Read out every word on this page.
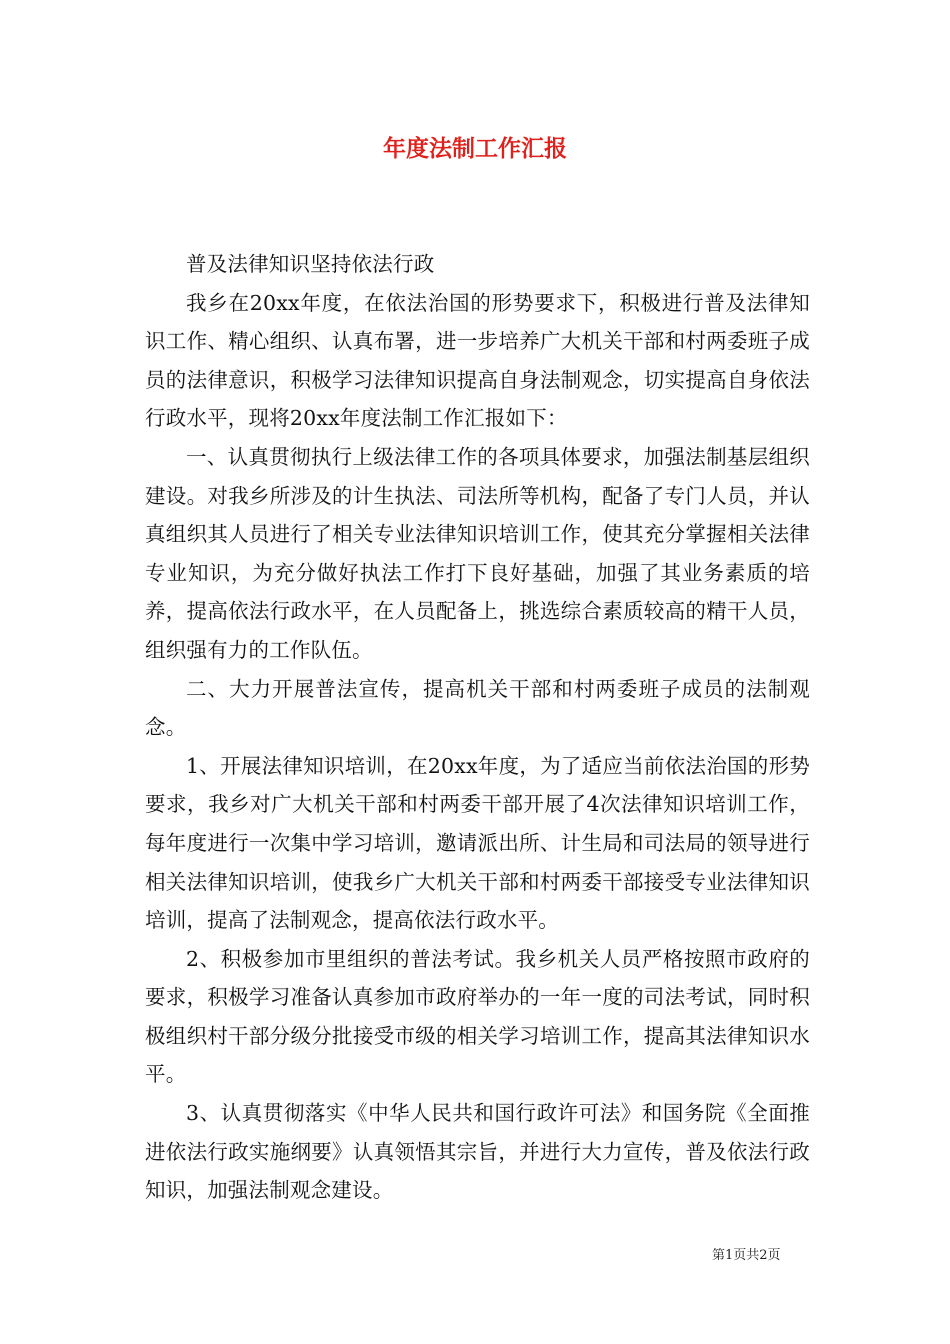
年度法制工作汇报

普及法律知识坚持依法行政

我乡在20xx年度，在依法治国的形势要求下，积极进行普及法律知识工作、精心组织、认真布署，进一步培养广大机关干部和村两委班子成员的法律意识，积极学习法律知识提高自身法制观念，切实提高自身依法行政水平，现将20xx年度法制工作汇报如下：

一、认真贯彻执行上级法律工作的各项具体要求，加强法制基层组织建设。对我乡所涉及的计生执法、司法所等机构，配备了专门人员，并认真组织其人员进行了相关专业法律知识培训工作，使其充分掌握相关法律专业知识，为充分做好执法工作打下良好基础，加强了其业务素质的培养，提高依法行政水平，在人员配备上，挑选综合素质较高的精干人员，组织强有力的工作队伍。

二、大力开展普法宣传，提高机关干部和村两委班子成员的法制观念。

1、开展法律知识培训，在20xx年度，为了适应当前依法治国的形势要求，我乡对广大机关干部和村两委干部开展了4次法律知识培训工作，每年度进行一次集中学习培训，邀请派出所、计生局和司法局的领导进行相关法律知识培训，使我乡广大机关干部和村两委干部接受专业法律知识培训，提高了法制观念，提高依法行政水平。

2、积极参加市里组织的普法考试。我乡机关人员严格按照市政府的要求，积极学习准备认真参加市政府举办的一年一度的司法考试，同时积极组织村干部分级分批接受市级的相关学习培训工作，提高其法律知识水平。

3、认真贯彻落实《中华人民共和国行政许可法》和国务院《全面推进依法行政实施纲要》认真领悟其宗旨，并进行大力宣传，普及依法行政知识，加强法制观念建设。

第1页共2页
